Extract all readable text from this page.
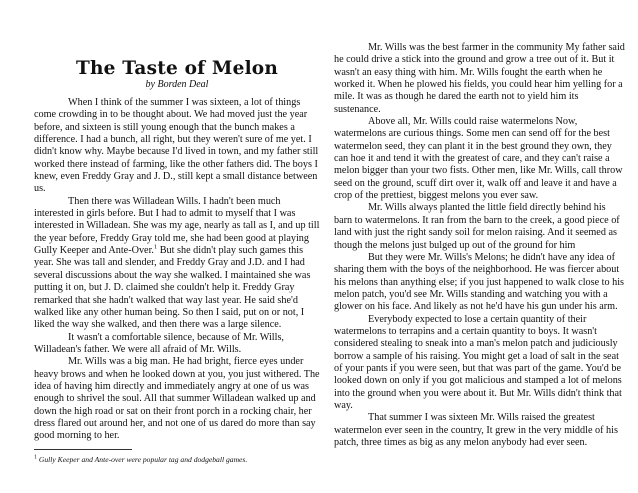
The Taste of Melon

by Borden Deal

When I think of the summer I was sixteen, a lot of things come crowding in to be thought about. We had moved just the year before, and sixteen is still young enough that the bunch makes a difference. I had a bunch, all right, but they weren't sure of me yet. I didn't know why. Maybe because I'd lived in town, and my father still worked there instead of farming, like the other fathers did. The boys I knew, even Freddy Gray and J. D., still kept a small distance between us.

Then there was Willadean Wills. I hadn't been much interested in girls before. But I had to admit to myself that I was interested in Willadean. She was my age, nearly as tall as I, and up till the year before, Freddy Gray told me, she had been good at playing Gully Keeper and Ante-Over.$^1$ But she didn't play such games this year. She was tall and slender, and Freddy Gray and J.D. and I had several discussions about the way she walked. I maintained she was putting it on, but J. D. claimed she couldn't help it. Freddy Gray remarked that she hadn't walked that way last year. He said she'd walked like any other human being. So then I said, put on or not, I liked the way she walked, and then there was a large silence.

It wasn't a comfortable silence, because of Mr. Wills, Willadean's father. We were all afraid of Mr. Wills.

Mr. Wills was a big man. He had bright, fierce eyes under heavy brows and when he looked down at you, you just withered. The idea of having him directly and immediately angry at one of us was enough to shrivel the soul. All that summer Willadean walked up and down the high road or sat on their front porch in a rocking chair, her dress flared out around her, and not one of us dared do more than say good morning to her.

$^1$ Gully Keeper and Ante-over were popular tag and dodgeball games.

Mr. Wills was the best farmer in the community My father said he could drive a stick into the ground and grow a tree out of it. But it wasn't an easy thing with him. Mr. Wills fought the earth when he worked it. When he plowed his fields, you could hear him yelling for a mile. It was as though he dared the earth not to yield him its sustenance.

Above all, Mr. Wills could raise watermelons Now, watermelons are curious things. Some men can send off for the best watermelon seed, they can plant it in the best ground they own, they can hoe it and tend it with the greatest of care, and they can't raise a melon bigger than your two fists. Other men, like Mr. Wills, call throw seed on the ground, scuff dirt over it, walk off and leave it and have a crop of the prettiest, biggest melons you ever saw.

Mr. Wills always planted the little field directly behind his barn to watermelons. It ran from the barn to the creek, a good piece of land with just the right sandy soil for melon raising. And it seemed as though the melons just bulged up out of the ground for him

But they were Mr. Wills's Melons; he didn't have any idea of sharing them with the boys of the neighborhood. He was fiercer about his melons than anything else; if you just happened to walk close to his melon patch, you'd see Mr. Wills standing and watching you with a glower on his face. And likely as not he'd have his gun under his arm.

Everybody expected to lose a certain quantity of their watermelons to terrapins and a certain quantity to boys. It wasn't considered stealing to sneak into a man's melon patch and judiciously borrow a sample of his raising. You might get a load of salt in the seat of your pants if you were seen, but that was part of the game. You'd be looked down on only if you got malicious and stamped a lot of melons into the ground when you were about it. But Mr. Wills didn't think that way.

That summer I was sixteen Mr. Wills raised the greatest watermelon ever seen in the country, It grew in the very middle of his patch, three times as big as any melon anybody had ever seen.
